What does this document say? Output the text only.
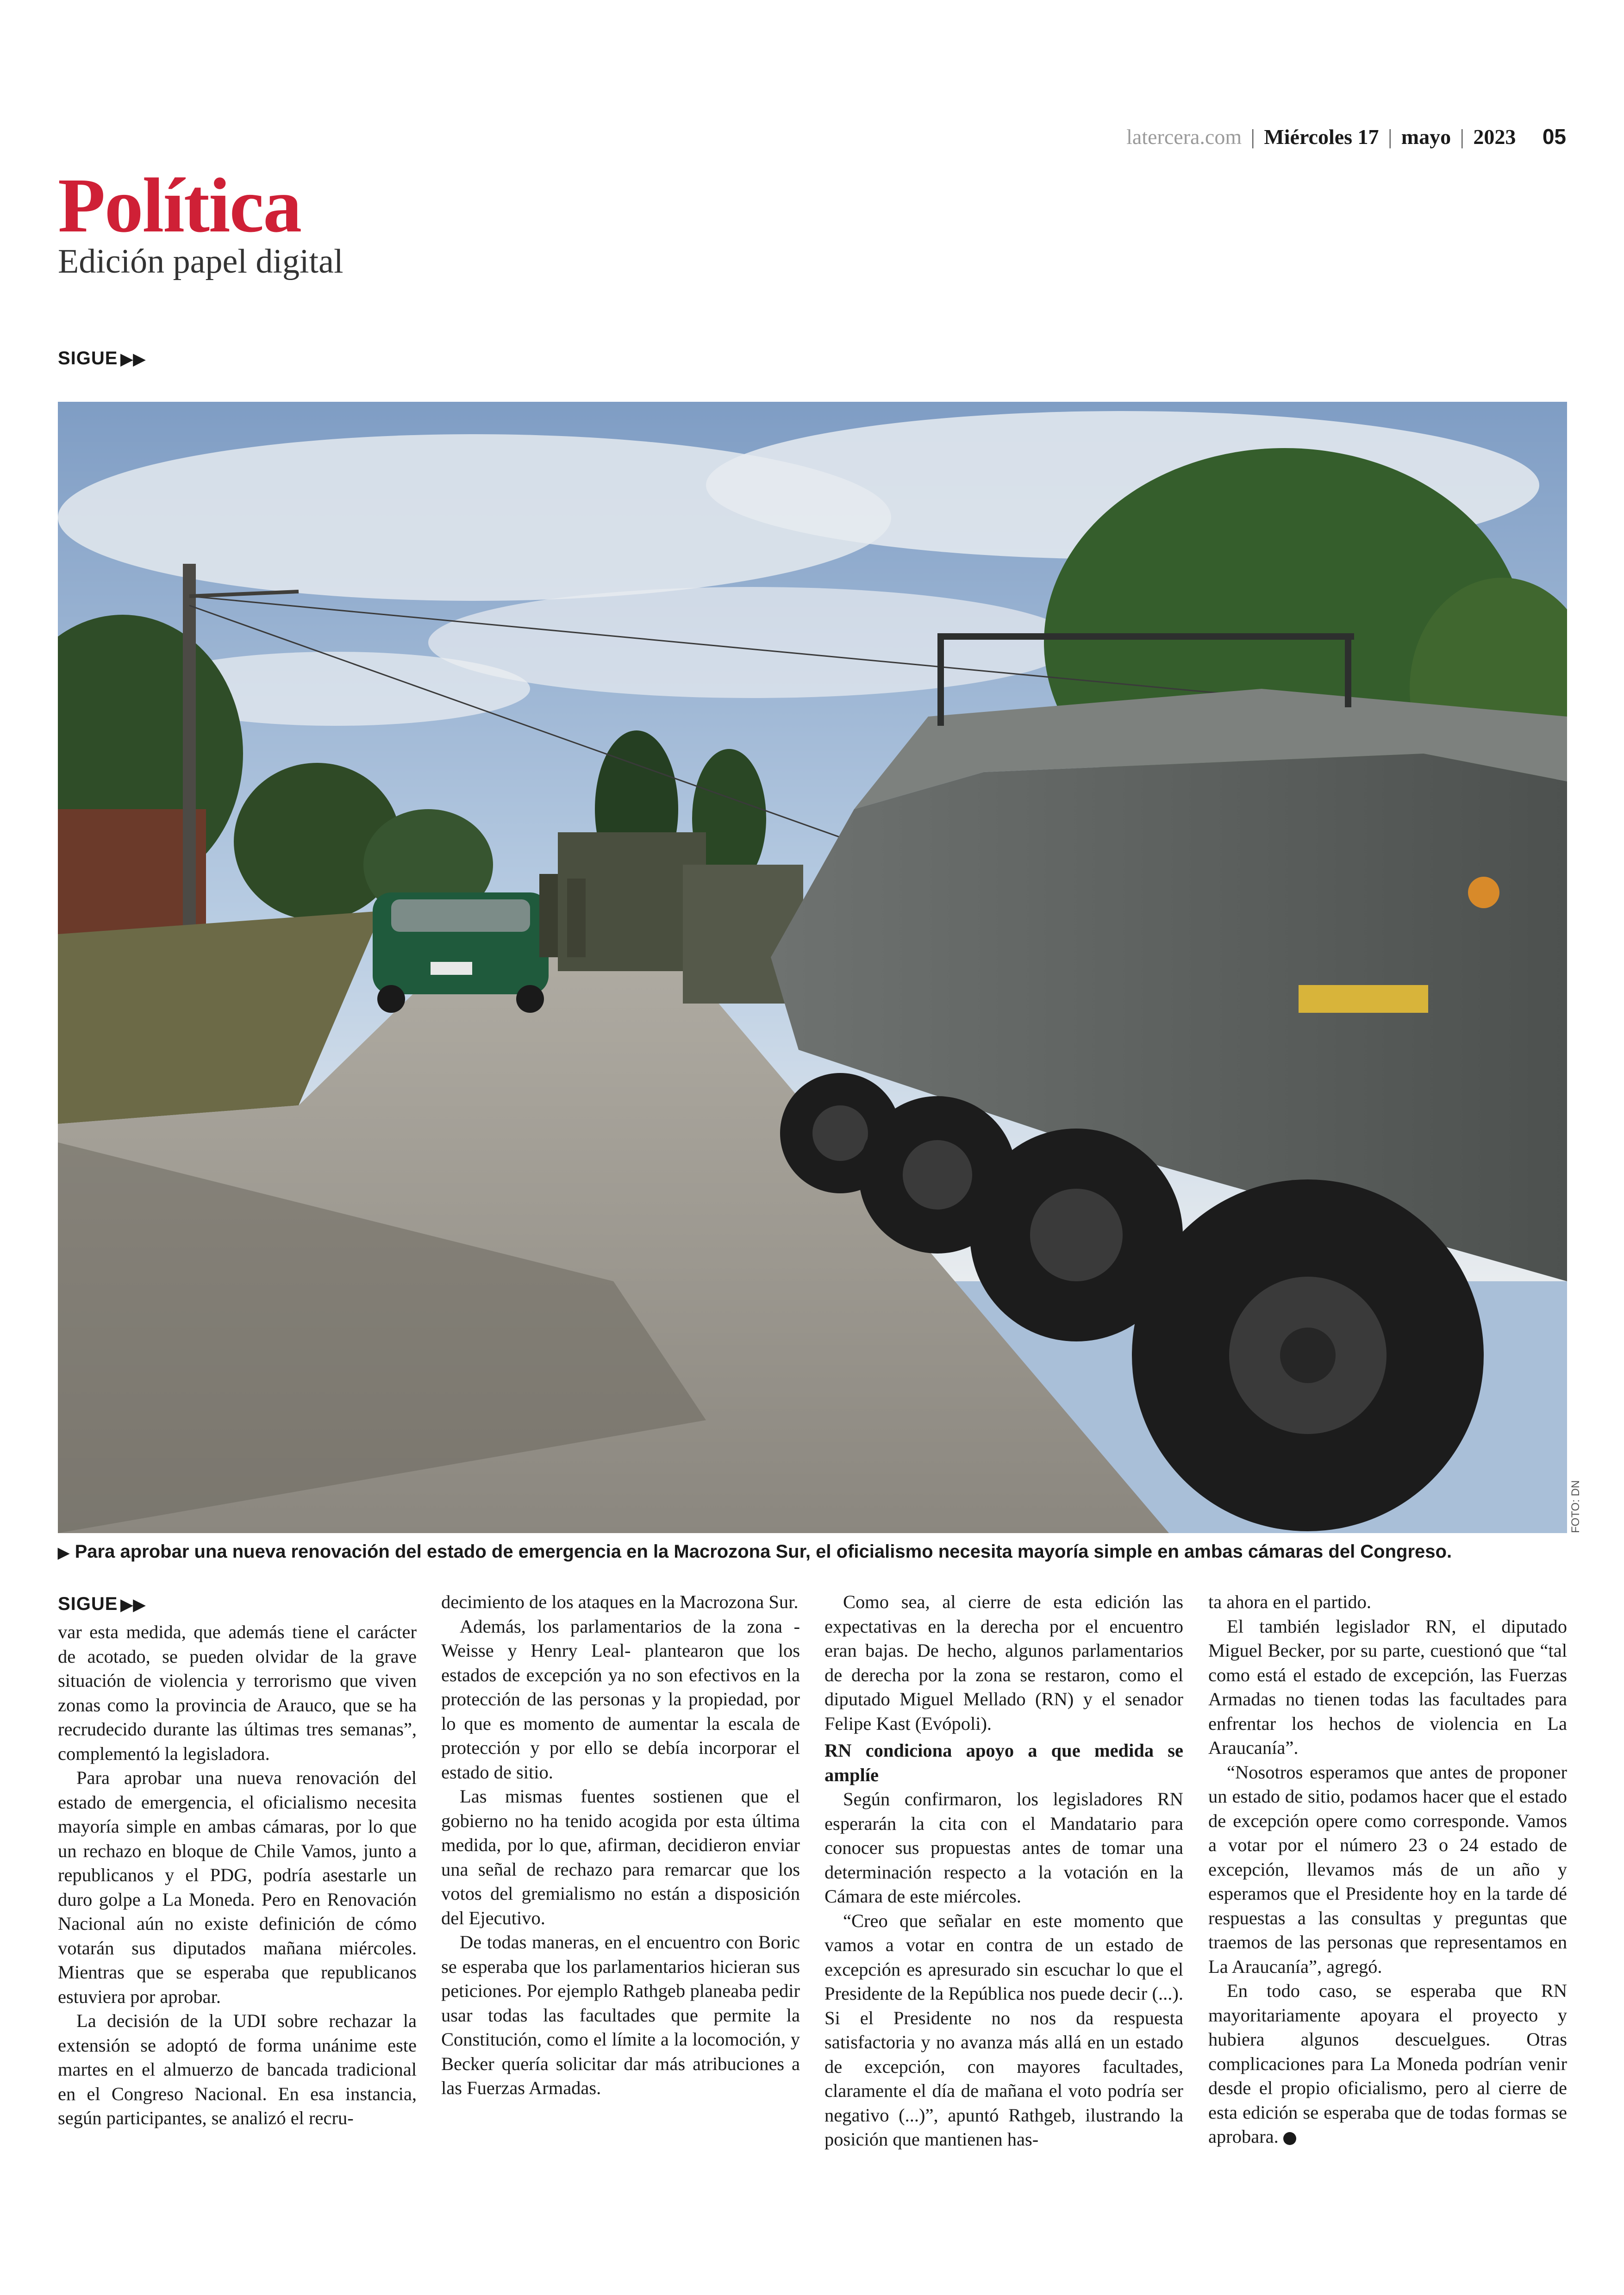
latercera.com | Miércoles 17 | mayo | 2023 05
Política
Edición papel digital
SIGUE ▶▶
FOTO: DN
▶ Para aprobar una nueva renovación del estado de emergencia en la Macrozona Sur, el oficialismo necesita mayoría simple en ambas cámaras del Congreso.
SIGUE ▶▶

var esta medida, que además tiene el carácter de acotado, se pueden olvidar de la grave situación de violencia y terrorismo que viven zonas como la provincia de Arauco, que se ha recrudecido durante las últimas tres semanas”, complementó la legisladora.

Para aprobar una nueva renovación del estado de emergencia, el oficialismo necesita mayoría simple en ambas cámaras, por lo que un rechazo en bloque de Chile Vamos, junto a republicanos y el PDG, podría asestarle un duro golpe a La Moneda. Pero en Renovación Nacional aún no existe definición de cómo votarán sus diputados mañana miércoles. Mientras que se esperaba que republicanos estuviera por aprobar.

La decisión de la UDI sobre rechazar la extensión se adoptó de forma unánime este martes en el almuerzo de bancada tradicional en el Congreso Nacional. En esa instancia, según participantes, se analizó el recru-

decimiento de los ataques en la Macrozona Sur.

Además, los parlamentarios de la zona -Weisse y Henry Leal- plantearon que los estados de excepción ya no son efectivos en la protección de las personas y la propiedad, por lo que es momento de aumentar la escala de protección y por ello se debía incorporar el estado de sitio.

Las mismas fuentes sostienen que el gobierno no ha tenido acogida por esta última medida, por lo que, afirman, decidieron enviar una señal de rechazo para remarcar que los votos del gremialismo no están a disposición del Ejecutivo.

De todas maneras, en el encuentro con Boric se esperaba que los parlamentarios hicieran sus peticiones. Por ejemplo Rathgeb planeaba pedir usar todas las facultades que permite la Constitución, como el límite a la locomoción, y Becker quería solicitar dar más atribuciones a las Fuerzas Armadas.

Como sea, al cierre de esta edición las expectativas en la derecha por el encuentro eran bajas. De hecho, algunos parlamentarios de derecha por la zona se restaron, como el diputado Miguel Mellado (RN) y el senador Felipe Kast (Evópoli).

RN condiciona apoyo a que medida se amplíe

Según confirmaron, los legisladores RN esperarán la cita con el Mandatario para conocer sus propuestas antes de tomar una determinación respecto a la votación en la Cámara de este miércoles.

“Creo que señalar en este momento que vamos a votar en contra de un estado de excepción es apresurado sin escuchar lo que el Presidente de la República nos puede decir (...). Si el Presidente no nos da respuesta satisfactoria y no avanza más allá en un estado de excepción, con mayores facultades, claramente el día de mañana el voto podría ser negativo (...)”, apuntó Rathgeb, ilustrando la posición que mantienen has-

ta ahora en el partido.

El también legislador RN, el diputado Miguel Becker, por su parte, cuestionó que “tal como está el estado de excepción, las Fuerzas Armadas no tienen todas las facultades para enfrentar los hechos de violencia en La Araucanía”.

“Nosotros esperamos que antes de proponer un estado de sitio, podamos hacer que el estado de excepción opere como corresponde. Vamos a votar por el número 23 o 24 estado de excepción, llevamos más de un año y esperamos que el Presidente hoy en la tarde dé respuestas a las consultas y preguntas que traemos de las personas que representamos en La Araucanía”, agregó.

En todo caso, se esperaba que RN mayoritariamente apoyara el proyecto y hubiera algunos descuelgues. Otras complicaciones para La Moneda podrían venir desde el propio oficialismo, pero al cierre de esta edición se esperaba que de todas formas se aprobara.
